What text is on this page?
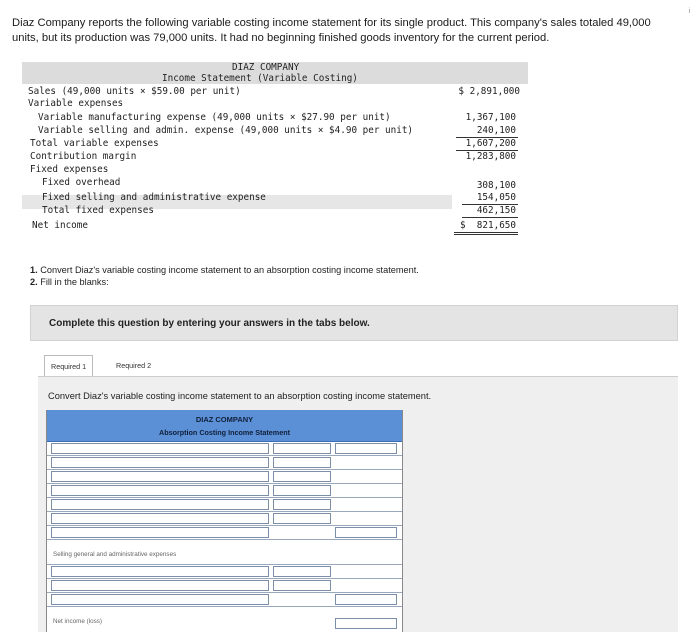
i
Diaz Company reports the following variable costing income statement for its single product. This company's sales totaled 49,000
units, but its production was 79,000 units. It had no beginning finished goods inventory for the current period.
DIAZ COMPANY
Income Statement (Variable Costing)
Sales (49,000 units × $59.00 per unit)	$ 2,891,000
Variable expenses
Variable manufacturing expense (49,000 units × $27.90 per unit)	1,367,100
Variable selling and admin. expense (49,000 units × $4.90 per unit)	240,100
Total variable expenses	1,607,200
Contribution margin	1,283,800
Fixed expenses
Fixed overhead	308,100
Fixed selling and administrative expense	154,050
Total fixed expenses	462,150
Net income	$  821,650
1. Convert Diaz's variable costing income statement to an absorption costing income statement.
2. Fill in the blanks:
Complete this question by entering your answers in the tabs below.
Required 1	Required 2
Convert Diaz's variable costing income statement to an absorption costing income statement.
DIAZ COMPANY
Absorption Costing Income Statement
Selling general and administrative expenses
Net income (loss)
